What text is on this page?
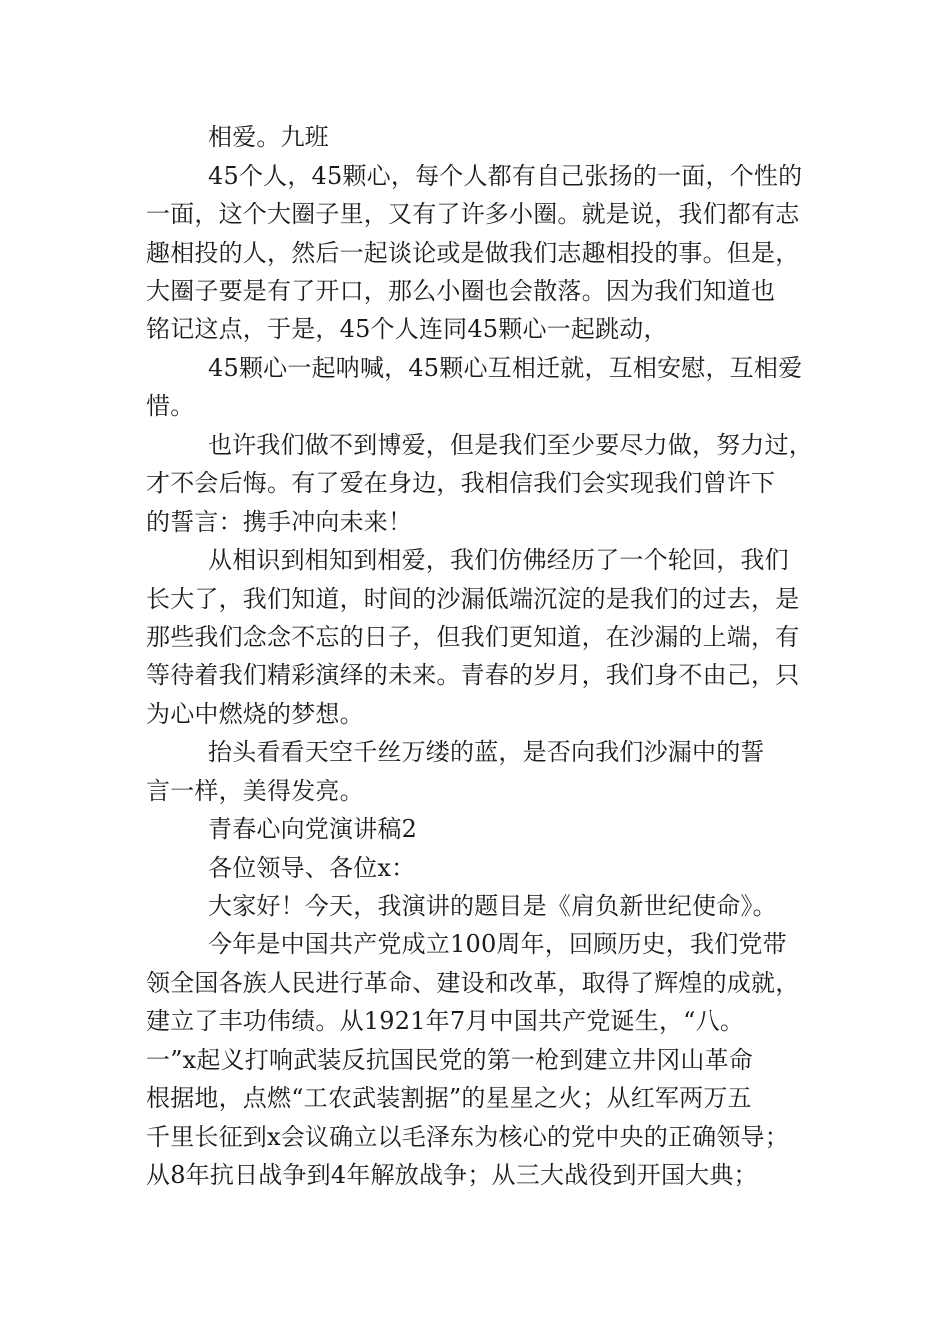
相爱。九班
45个人，45颗心，每个人都有自己张扬的一面，个性的
一面，这个大圈子里，又有了许多小圈。就是说，我们都有志
趣相投的人，然后一起谈论或是做我们志趣相投的事。但是，
大圈子要是有了开口，那么小圈也会散落。因为我们知道也
铭记这点，于是，45个人连同45颗心一起跳动，
45颗心一起呐喊，45颗心互相迁就，互相安慰，互相爱
惜。
也许我们做不到博爱，但是我们至少要尽力做，努力过，
才不会后悔。有了爱在身边，我相信我们会实现我们曾许下
的誓言：携手冲向未来！
从相识到相知到相爱，我们仿佛经历了一个轮回，我们
长大了，我们知道，时间的沙漏低端沉淀的是我们的过去，是
那些我们念念不忘的日子，但我们更知道，在沙漏的上端，有
等待着我们精彩演绎的未来。青春的岁月，我们身不由己，只
为心中燃烧的梦想。
抬头看看天空千丝万缕的蓝，是否向我们沙漏中的誓
言一样，美得发亮。
青春心向党演讲稿2
各位领导、各位x：
大家好！今天，我演讲的题目是《肩负新世纪使命》。
今年是中国共产党成立100周年，回顾历史，我们党带
领全国各族人民进行革命、建设和改革，取得了辉煌的成就，
建立了丰功伟绩。从1921年7月中国共产党诞生，“八。
一”x起义打响武装反抗国民党的第一枪到建立井冈山革命
根据地，点燃“工农武装割据”的星星之火；从红军两万五
千里长征到x会议确立以毛泽东为核心的党中央的正确领导；
从8年抗日战争到4年解放战争；从三大战役到开国大典；
